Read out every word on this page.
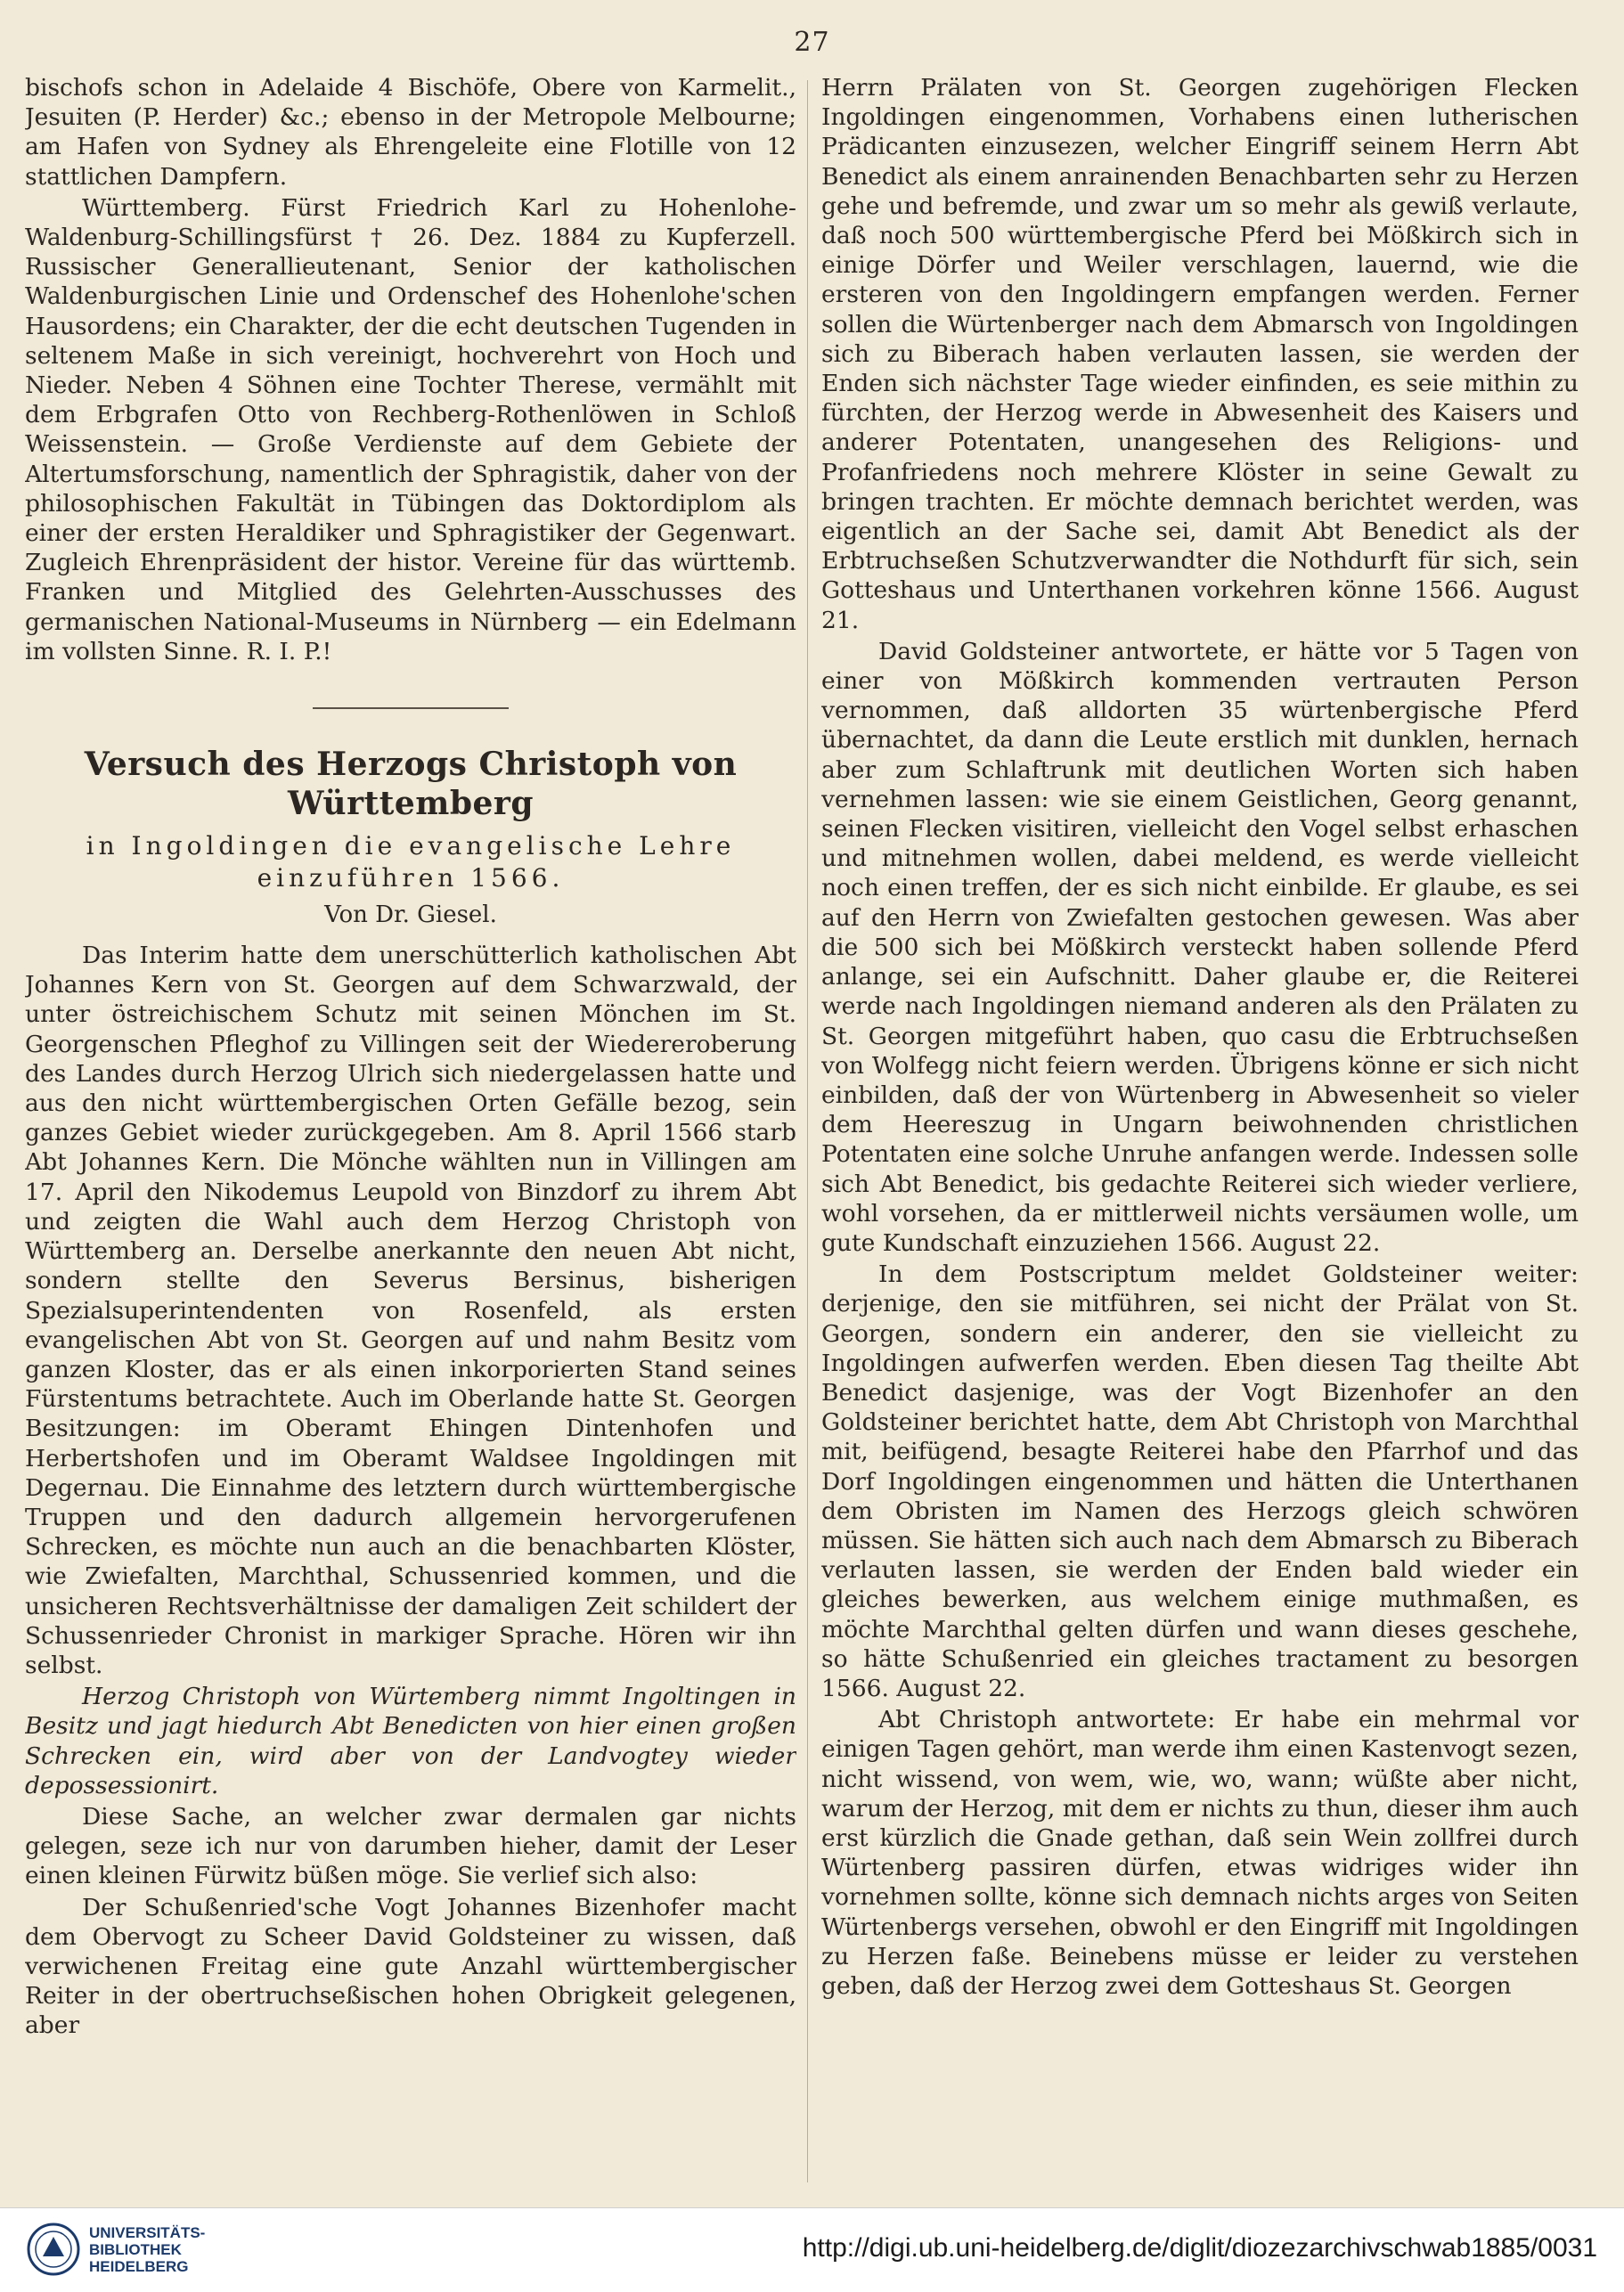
27

bischofs schon in Adelaide 4 Bischöfe, Obere von Karmelit., Jesuiten (P. Herder) &c.; ebenso in der Metropole Melbourne; am Hafen von Sydney als Ehrengeleite eine Flotille von 12 stattlichen Dampfern.

Württemberg. Fürst Friedrich Karl zu Hohenlohe-Waldenburg-Schillingsfürst † 26. Dez. 1884 zu Kupferzell. Russischer Generallieutenant, Senior der katholischen Waldenburgischen Linie und Ordenschef des Hohenlohe'schen Hausordens; ein Charakter, der die echt deutschen Tugenden in seltenem Maße in sich vereinigt, hochverehrt von Hoch und Nieder. Neben 4 Söhnen eine Tochter Therese, vermählt mit dem Erbgrafen Otto von Rechberg-Rothenlöwen in Schloß Weissenstein. — Große Verdienste auf dem Gebiete der Altertumsforschung, namentlich der Sphragistik, daher von der philosophischen Fakultät in Tübingen das Doktordiplom als einer der ersten Heraldiker und Sphragistiker der Gegenwart. Zugleich Ehrenpräsident der histor. Vereine für das württemb. Franken und Mitglied des Gelehrten-Ausschusses des germanischen National-Museums in Nürnberg — ein Edelmann im vollsten Sinne. R. I. P.!

Versuch des Herzogs Christoph von Württemberg
in Ingoldingen die evangelische Lehre einzuführen 1566.
Von Dr. Giesel.

Das Interim hatte dem unerschütterlich katholischen Abt Johannes Kern von St. Georgen auf dem Schwarzwald, der unter östreichischem Schutz mit seinen Mönchen im St. Georgenschen Pfleghof zu Villingen seit der Wiedereroberung des Landes durch Herzog Ulrich sich niedergelassen hatte und aus den nicht württembergischen Orten Gefälle bezog, sein ganzes Gebiet wieder zurückgegeben. Am 8. April 1566 starb Abt Johannes Kern. Die Mönche wählten nun in Villingen am 17. April den Nikodemus Leupold von Binzdorf zu ihrem Abt und zeigten die Wahl auch dem Herzog Christoph von Württemberg an. Derselbe anerkannte den neuen Abt nicht, sondern stellte den Severus Bersinus, bisherigen Spezialsuperintendenten von Rosenfeld, als ersten evangelischen Abt von St. Georgen auf und nahm Besitz vom ganzen Kloster, das er als einen inkorporierten Stand seines Fürstentums betrachtete. Auch im Oberlande hatte St. Georgen Besitzungen: im Oberamt Ehingen Dintenhofen und Herbertshofen und im Oberamt Waldsee Ingoldingen mit Degernau. Die Einnahme des letztern durch württembergische Truppen und den dadurch allgemein hervorgerufenen Schrecken, es möchte nun auch an die benachbarten Klöster, wie Zwiefalten, Marchthal, Schussenried kommen, und die unsicheren Rechtsverhältnisse der damaligen Zeit schildert der Schussenrieder Chronist in markiger Sprache. Hören wir ihn selbst.

Herzog Christoph von Würtemberg nimmt Ingoltingen in Besitz und jagt hiedurch Abt Benedicten von hier einen großen Schrecken ein, wird aber von der Landvogtey wieder depossessionirt.

Diese Sache, an welcher zwar dermalen gar nichts gelegen, seze ich nur von darumben hieher, damit der Leser einen kleinen Fürwitz büßen möge. Sie verlief sich also:

Der Schußenried'sche Vogt Johannes Bizenhofer macht dem Obervogt zu Scheer David Goldsteiner zu wissen, daß verwichenen Freitag eine gute Anzahl württembergischer Reiter in der obertruchseßischen hohen Obrigkeit gelegenen, aber

Herrn Prälaten von St. Georgen zugehörigen Flecken Ingoldingen eingenommen, Vorhabens einen lutherischen Prädicanten einzusezen, welcher Eingriff seinem Herrn Abt Benedict als einem anrainenden Benachbarten sehr zu Herzen gehe und befremde, und zwar um so mehr als gewiß verlaute, daß noch 500 württembergische Pferd bei Mößkirch sich in einige Dörfer und Weiler verschlagen, lauernd, wie die ersteren von den Ingoldingern empfangen werden. Ferner sollen die Würtenberger nach dem Abmarsch von Ingoldingen sich zu Biberach haben verlauten lassen, sie werden der Enden sich nächster Tage wieder einfinden, es seie mithin zu fürchten, der Herzog werde in Abwesenheit des Kaisers und anderer Potentaten, unangesehen des Religions- und Profanfriedens noch mehrere Klöster in seine Gewalt zu bringen trachten. Er möchte demnach berichtet werden, was eigentlich an der Sache sei, damit Abt Benedict als der Erbtruchseßen Schutzverwandter die Nothdurft für sich, sein Gotteshaus und Unterthanen vorkehren könne 1566. August 21.

David Goldsteiner antwortete, er hätte vor 5 Tagen von einer von Mößkirch kommenden vertrauten Person vernommen, daß alldorten 35 würtenbergische Pferd übernachtet, da dann die Leute erstlich mit dunklen, hernach aber zum Schlaftrunk mit deutlichen Worten sich haben vernehmen lassen: wie sie einem Geistlichen, Georg genannt, seinen Flecken visitiren, vielleicht den Vogel selbst erhaschen und mitnehmen wollen, dabei meldend, es werde vielleicht noch einen treffen, der es sich nicht einbilde. Er glaube, es sei auf den Herrn von Zwiefalten gestochen gewesen. Was aber die 500 sich bei Mößkirch versteckt haben sollende Pferd anlange, sei ein Aufschnitt. Daher glaube er, die Reiterei werde nach Ingoldingen niemand anderen als den Prälaten zu St. Georgen mitgeführt haben, quo casu die Erbtruchseßen von Wolfegg nicht feiern werden. Übrigens könne er sich nicht einbilden, daß der von Würtenberg in Abwesenheit so vieler dem Heereszug in Ungarn beiwohnenden christlichen Potentaten eine solche Unruhe anfangen werde. Indessen solle sich Abt Benedict, bis gedachte Reiterei sich wieder verliere, wohl vorsehen, da er mittlerweil nichts versäumen wolle, um gute Kundschaft einzuziehen 1566. August 22.

In dem Postscriptum meldet Goldsteiner weiter: derjenige, den sie mitführen, sei nicht der Prälat von St. Georgen, sondern ein anderer, den sie vielleicht zu Ingoldingen aufwerfen werden. Eben diesen Tag theilte Abt Benedict dasjenige, was der Vogt Bizenhofer an den Goldsteiner berichtet hatte, dem Abt Christoph von Marchthal mit, beifügend, besagte Reiterei habe den Pfarrhof und das Dorf Ingoldingen eingenommen und hätten die Unterthanen dem Obristen im Namen des Herzogs gleich schwören müssen. Sie hätten sich auch nach dem Abmarsch zu Biberach verlauten lassen, sie werden der Enden bald wieder ein gleiches bewerken, aus welchem einige muthmaßen, es möchte Marchthal gelten dürfen und wann dieses geschehe, so hätte Schußenried ein gleiches tractament zu besorgen 1566. August 22.

Abt Christoph antwortete: Er habe ein mehrmal vor einigen Tagen gehört, man werde ihm einen Kastenvogt sezen, nicht wissend, von wem, wie, wo, wann; wüßte aber nicht, warum der Herzog, mit dem er nichts zu thun, dieser ihm auch erst kürzlich die Gnade gethan, daß sein Wein zollfrei durch Würtenberg passiren dürfen, etwas widriges wider ihn vornehmen sollte, könne sich demnach nichts arges von Seiten Würtenbergs versehen, obwohl er den Eingriff mit Ingoldingen zu Herzen faße. Beinebens müsse er leider zu verstehen geben, daß der Herzog zwei dem Gotteshaus St. Georgen

UNIVERSITÄTS-
BIBLIOTHEK
HEIDELBERG
http://digi.ub.uni-heidelberg.de/diglit/diozezarchivschwab1885/0031
